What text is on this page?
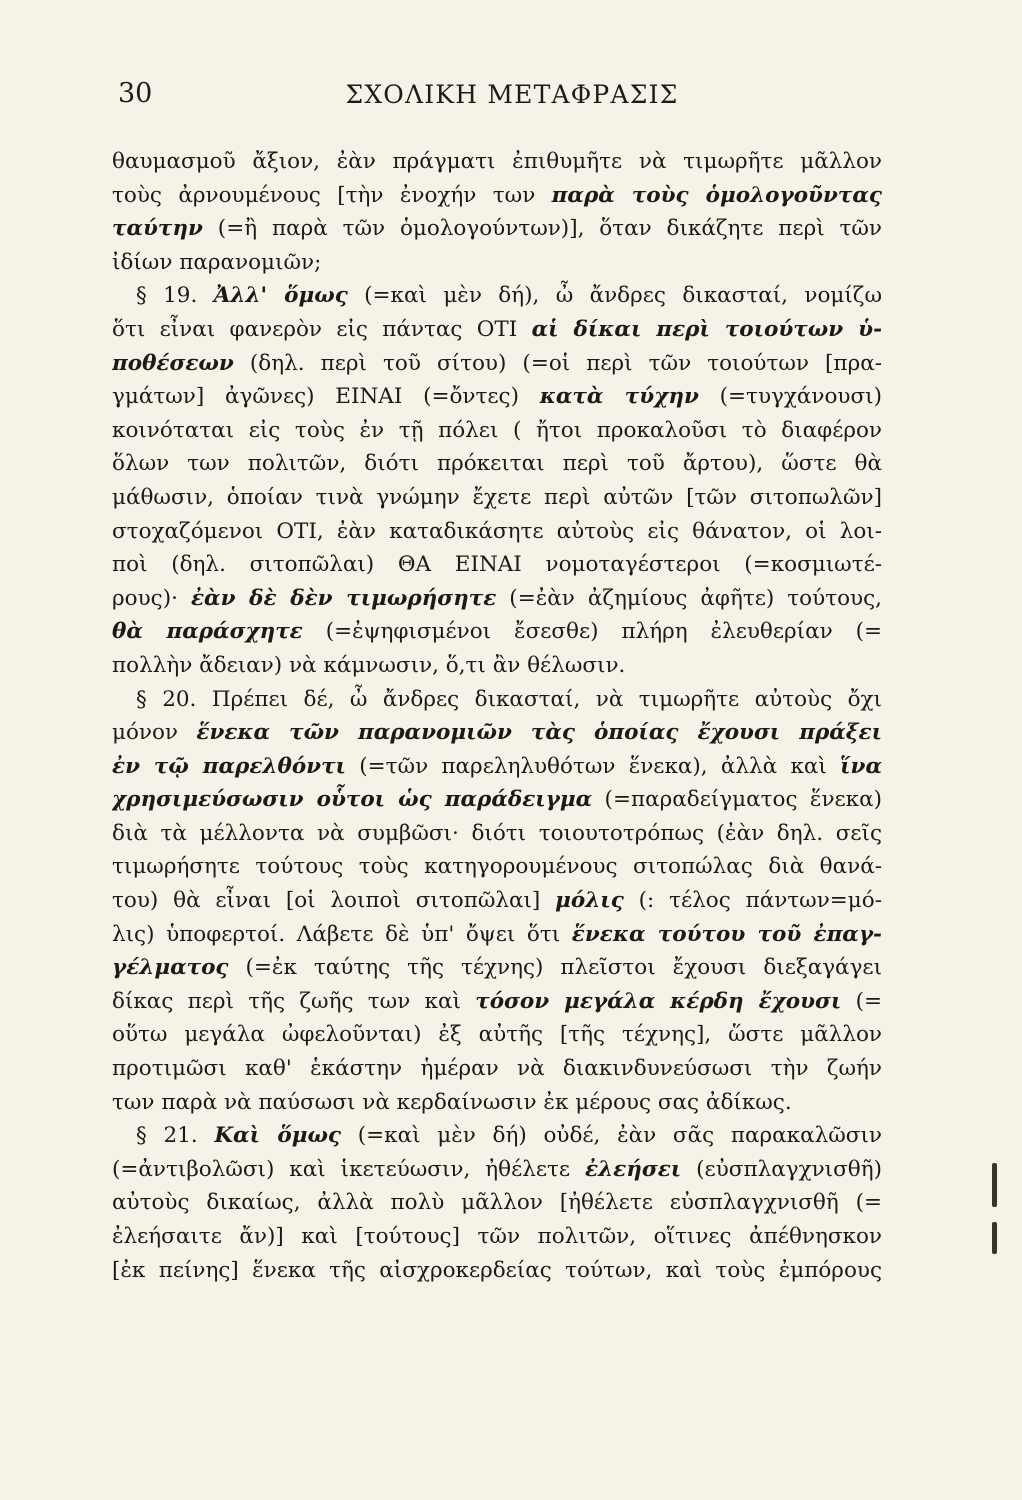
30	ΣΧΟΛΙΚΗ ΜΕΤΑΦΡΑΣΙΣ
θαυμασμοῦ ἄξιον, ἐὰν πράγματι ἐπιθυμῆτε νὰ τιμωρῆτε μᾶλλον
τοὺς ἀρνουμένους [τὴν ἐνοχήν των παρὰ τοὺς ὁμολογοῦντας
ταύτην (=ἢ παρὰ τῶν ὁμολογούντων)], ὅταν δικάζητε περὶ τῶν
ἰδίων παρανομιῶν;
§ 19. Ἀλλ' ὅμως (=καὶ μὲν δή), ὦ ἄνδρες δικασταί, νομίζω
ὅτι εἶναι φανερὸν εἰς πάντας ΟΤΙ αἱ δίκαι περὶ τοιούτων ὑ-
ποθέσεων (δηλ. περὶ τοῦ σίτου) (=οἱ περὶ τῶν τοιούτων [πρα-
γμάτων] ἀγῶνες) ΕΙΝΑΙ (=ὄντες) κατὰ τύχην (=τυγχάνουσι)
κοινόταται εἰς τοὺς ἐν τῇ πόλει ( ἤτοι προκαλοῦσι τὸ διαφέρον
ὅλων των πολιτῶν, διότι πρόκειται περὶ τοῦ ἄρτου), ὥστε θὰ
μάθωσιν, ὁποίαν τινὰ γνώμην ἔχετε περὶ αὐτῶν [τῶν σιτοπωλῶν]
στοχαζόμενοι ΟΤΙ, ἐὰν καταδικάσητε αὐτοὺς εἰς θάνατον, οἱ λοι-
ποὶ (δηλ. σιτοπῶλαι) ΘΑ ΕΙΝΑΙ νομοταγέστεροι (=κοσμιωτέ-
ρους)· ἐὰν δὲ δὲν τιμωρήσητε (=ἐὰν ἀζημίους ἀφῆτε) τούτους,
θὰ παράσχητε (=ἐψηφισμένοι ἔσεσθε) πλήρη ἐλευθερίαν (=
πολλὴν ἄδειαν) νὰ κάμνωσιν, ὅ,τι ἂν θέλωσιν.
§ 20. Πρέπει δέ, ὦ ἄνδρες δικασταί, νὰ τιμωρῆτε αὐτοὺς ὄχι
μόνον ἕνεκα τῶν παρανομιῶν τὰς ὁποίας ἔχουσι πράξει
ἐν τῷ παρελθόντι (=τῶν παρεληλυθότων ἕνεκα), ἀλλὰ καὶ ἵνα
χρησιμεύσωσιν οὗτοι ὡς παράδειγμα (=παραδείγματος ἕνεκα)
διὰ τὰ μέλλοντα νὰ συμβῶσι· διότι τοιουτοτρόπως (ἐὰν δηλ. σεῖς
τιμωρήσητε τούτους τοὺς κατηγορουμένους σιτοπώλας διὰ θανά-
του) θὰ εἶναι [οἱ λοιποὶ σιτοπῶλαι] μόλις (: τέλος πάντων=μό-
λις) ὑποφερτοί. Λάβετε δὲ ὑπ' ὄψει ὅτι ἕνεκα τούτου τοῦ ἐπαγ-
γέλματος (=ἐκ ταύτης τῆς τέχνης) πλεῖστοι ἔχουσι διεξαγάγει
δίκας περὶ τῆς ζωῆς των καὶ τόσον μεγάλα κέρδη ἔχουσι (=
οὕτω μεγάλα ὠφελοῦνται) ἐξ αὐτῆς [τῆς τέχνης], ὥστε μᾶλλον
προτιμῶσι καθ' ἑκάστην ἡμέραν νὰ διακινδυνεύσωσι τὴν ζωήν
των παρὰ νὰ παύσωσι νὰ κερδαίνωσιν ἐκ μέρους σας ἀδίκως.
§ 21. Καὶ ὅμως (=καὶ μὲν δή) οὐδέ, ἐὰν σᾶς παρακαλῶσιν
(=ἀντιβολῶσι) καὶ ἱκετεύωσιν, ἠθέλετε ἐλεήσει (εὐσπλαγχνισθῆ)
αὐτοὺς δικαίως, ἀλλὰ πολὺ μᾶλλον [ἠθέλετε εὐσπλαγχνισθῆ (=
ἐλεήσαιτε ἄν)] καὶ [τούτους] τῶν πολιτῶν, οἵτινες ἀπέθνησκον
[ἐκ πείνης] ἕνεκα τῆς αἰσχροκερδείας τούτων, καὶ τοὺς ἐμπόρους
